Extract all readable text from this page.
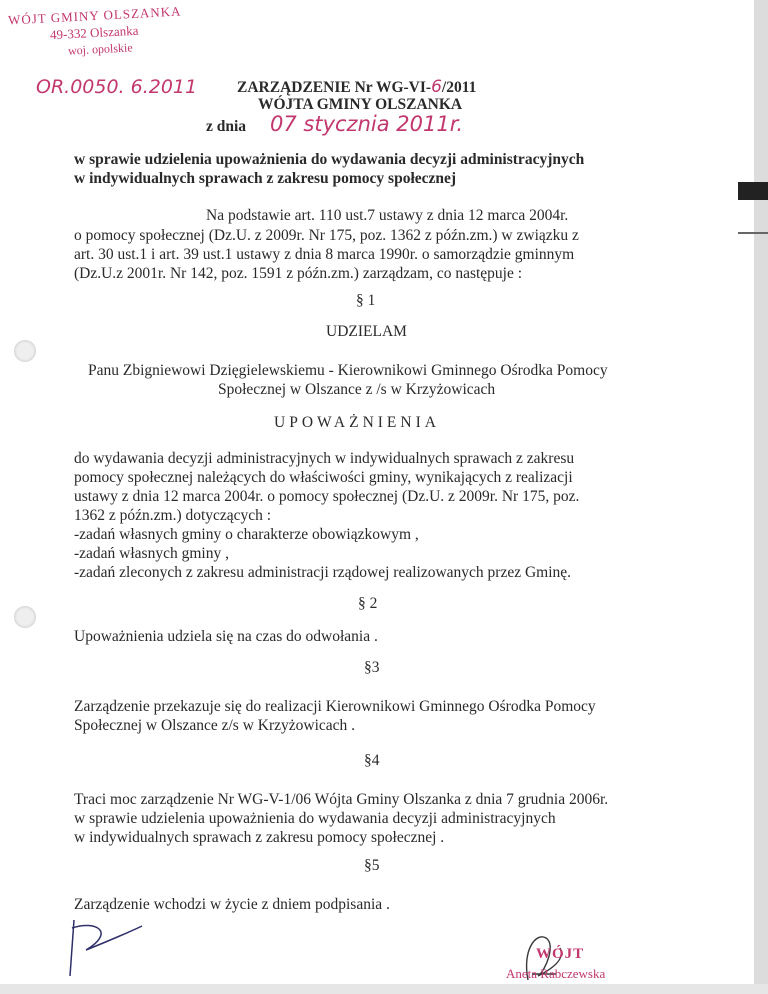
WÓJT GMINY OLSZANKA
49-332 Olszanka
woj. opolskie
OR.0050. 6.2011	ZARZĄDZENIE Nr WG-VI-6/2011
WÓJTA GMINY OLSZANKA
z dnia 07 stycznia 2011r.
w sprawie udzielenia upoważnienia do wydawania decyzji administracyjnych
w indywidualnych sprawach z zakresu pomocy społecznej
Na podstawie art. 110 ust.7 ustawy z dnia 12 marca 2004r.
o pomocy społecznej (Dz.U. z 2009r. Nr 175, poz. 1362 z późn.zm.) w związku z
art. 30 ust.1 i art. 39 ust.1 ustawy z dnia 8 marca 1990r. o samorządzie gminnym
(Dz.U.z 2001r. Nr 142, poz. 1591 z późn.zm.) zarządzam, co następuje :
§ 1
UDZIELAM
Panu Zbigniewowi Dzięgielewskiemu - Kierownikowi Gminnego Ośrodka Pomocy
Społecznej w Olszance z /s w Krzyżowicach
UPOWAŻNIENIA
do wydawania decyzji administracyjnych w indywidualnych sprawach z zakresu
pomocy społecznej należących do właściwości gminy, wynikających z realizacji
ustawy z dnia 12 marca 2004r. o pomocy społecznej (Dz.U. z 2009r. Nr 175, poz.
1362 z późn.zm.) dotyczących :
-zadań własnych gminy o charakterze obowiązkowym ,
-zadań własnych gminy ,
-zadań zleconych z zakresu administracji rządowej realizowanych przez Gminę.
§ 2
Upoważnienia udziela się na czas do odwołania .
§3
Zarządzenie przekazuje się do realizacji Kierownikowi Gminnego Ośrodka Pomocy
Społecznej w Olszance z/s w Krzyżowicach .
§4
Traci moc zarządzenie Nr WG-V-1/06 Wójta Gminy Olszanka z dnia 7 grudnia 2006r.
w sprawie udzielenia upoważnienia do wydawania decyzji administracyjnych
w indywidualnych sprawach z zakresu pomocy społecznej .
§5
Zarządzenie wchodzi w życie z dniem podpisania .
WÓJT
Aneta Rabczewska
